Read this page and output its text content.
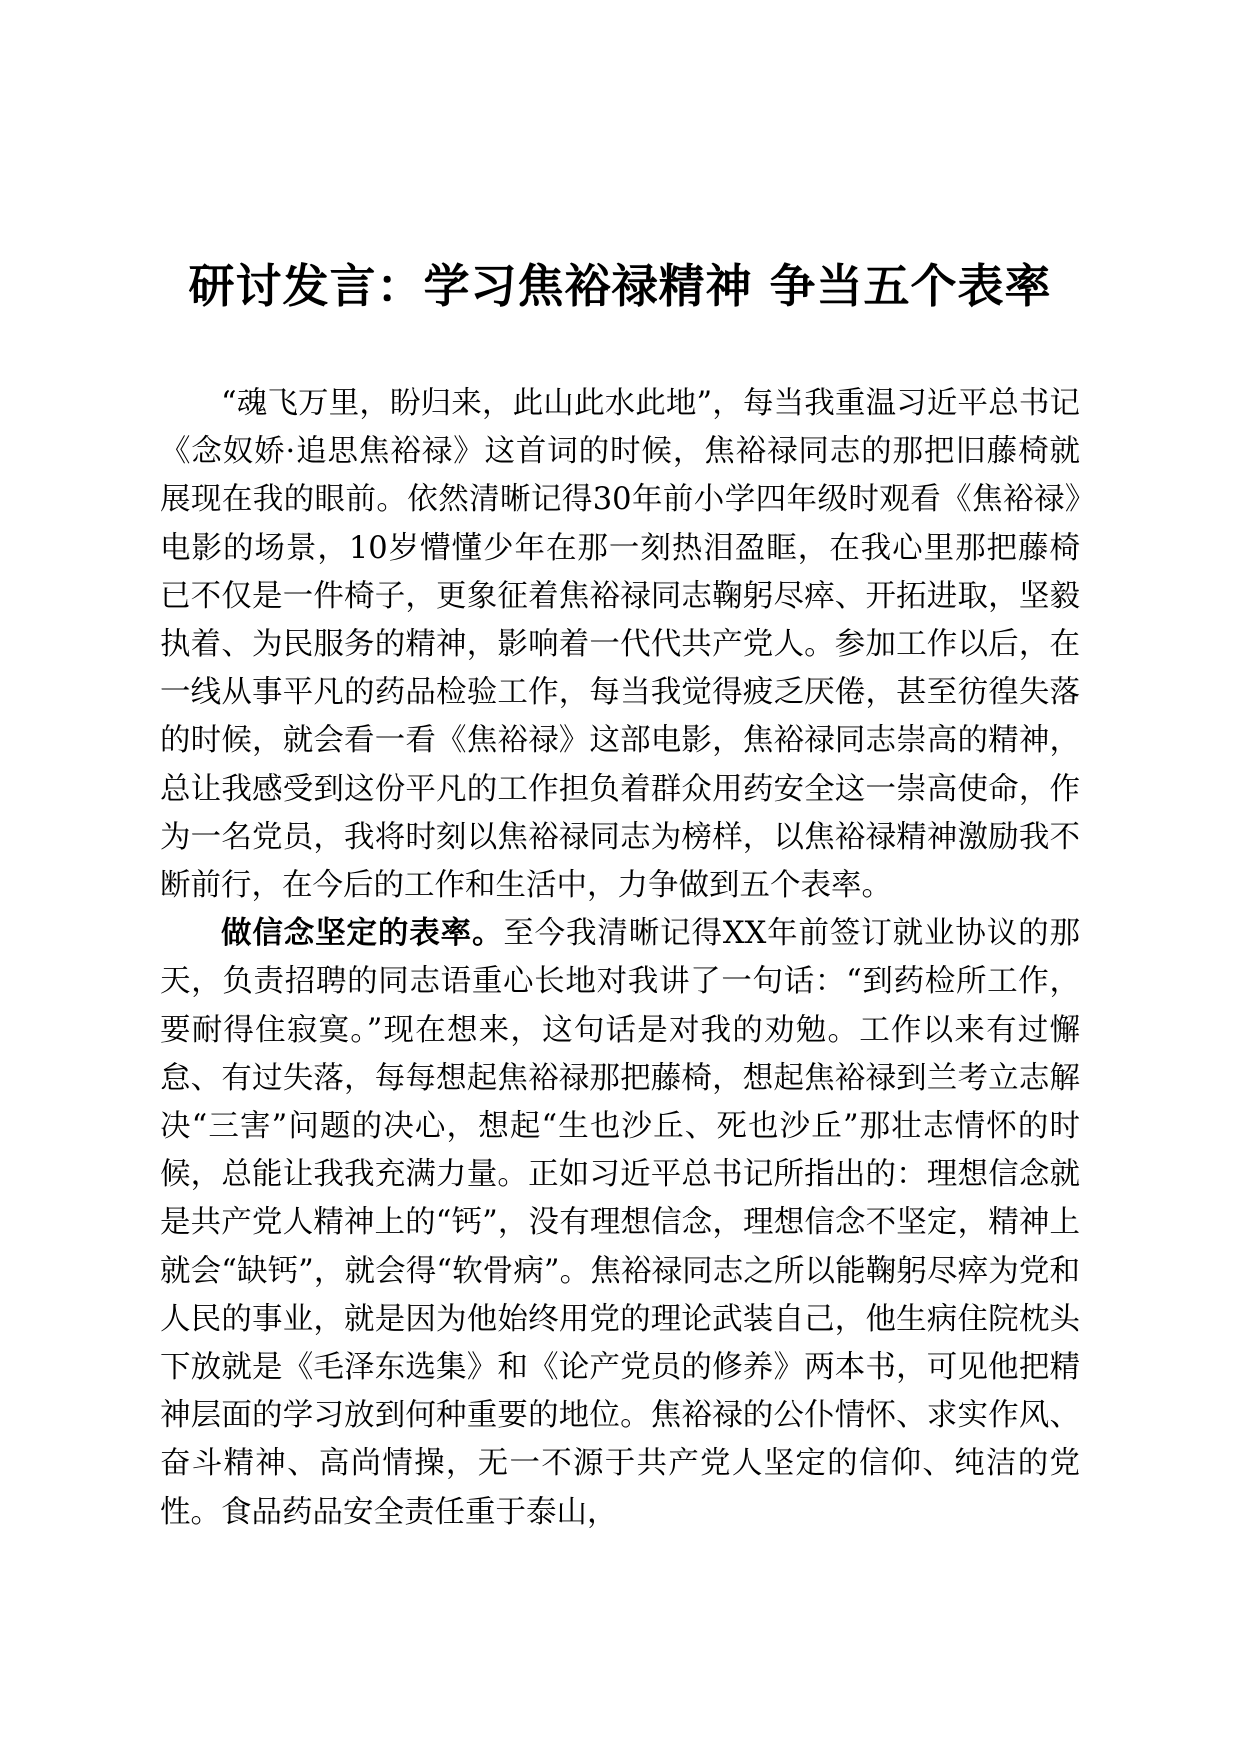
研讨发言：学习焦裕禄精神 争当五个表率

“魂飞万里，盼归来，此山此水此地”，每当我重温习近平总书记《念奴娇·追思焦裕禄》这首词的时候，焦裕禄同志的那把旧藤椅就展现在我的眼前。依然清晰记得30年前小学四年级时观看《焦裕禄》电影的场景，10岁懵懂少年在那一刻热泪盈眶，在我心里那把藤椅已不仅是一件椅子，更象征着焦裕禄同志鞠躬尽瘁、开拓进取，坚毅执着、为民服务的精神，影响着一代代共产党人。参加工作以后，在一线从事平凡的药品检验工作，每当我觉得疲乏厌倦，甚至彷徨失落的时候，就会看一看《焦裕禄》这部电影，焦裕禄同志崇高的精神，总让我感受到这份平凡的工作担负着群众用药安全这一崇高使命，作为一名党员，我将时刻以焦裕禄同志为榜样，以焦裕禄精神激励我不断前行，在今后的工作和生活中，力争做到五个表率。

做信念坚定的表率。至今我清晰记得XX年前签订就业协议的那天，负责招聘的同志语重心长地对我讲了一句话：“到药检所工作，要耐得住寂寞。”现在想来，这句话是对我的劝勉。工作以来有过懈怠、有过失落，每每想起焦裕禄那把藤椅，想起焦裕禄到兰考立志解决“三害”问题的决心，想起“生也沙丘、死也沙丘”那壮志情怀的时候，总能让我我充满力量。正如习近平总书记所指出的：理想信念就是共产党人精神上的“钙”，没有理想信念，理想信念不坚定，精神上就会“缺钙”，就会得“软骨病”。焦裕禄同志之所以能鞠躬尽瘁为党和人民的事业，就是因为他始终用党的理论武装自己，他生病住院枕头下放就是《毛泽东选集》和《论产党员的修养》两本书，可见他把精神层面的学习放到何种重要的地位。焦裕禄的公仆情怀、求实作风、奋斗精神、高尚情操，无一不源于共产党人坚定的信仰、纯洁的党性。食品药品安全责任重于泰山，
